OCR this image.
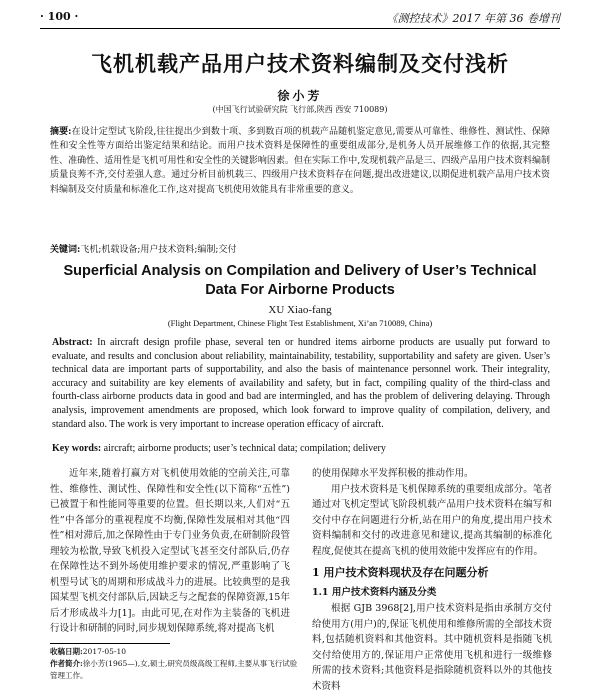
· 100 ·	《测控技术》2017 年第 36 卷增刊
飞机机载产品用户技术资料编制及交付浅析
徐小芳
(中国飞行试验研究院 飞行部,陕西 西安 710089)
摘要:在设计定型试飞阶段,往往提出少到数十项、多到数百项的机载产品随机鉴定意见,需要从可靠性、维修性、测试性、保障性和安全性等方面给出鉴定结果和结论。而用户技术资料是保障性的重要组成部分,是机务人员开展维修工作的依据,其完整性、准确性、适用性是飞机可用性和安全性的关键影响因素。但在实际工作中,发现机载产品是三、四级产品用户技术资料编制质量良莠不齐,交付差强人意。通过分析目前机载三、四级用户技术资料存在问题,提出改进建议,以期促进机载产品用户技术资料编制及交付质量和标准化工作,这对提高飞机使用效能具有非常重要的意义。
关键词:飞机;机载设备;用户技术资料;编制;交付
Superficial Analysis on Compilation and Delivery of User’s Technical Data For Airborne Products
XU Xiao-fang
(Flight Department, Chinese Flight Test Establishment, Xi’an 710089, China)
Abstract: In aircraft design profile phase, several ten or hundred items airborne products are usually put forward to evaluate, and results and conclusion about reliability, maintainability, testability, supportability and safety are given. User’s technical data are important parts of supportability, and also the basis of maintenance personnel work. Their integrality, accuracy and suitability are key elements of availability and safety, but in fact, compiling quality of the third-class and fourth-class airborne products data in good and bad are intermingled, and has the problem of delivering delaying. Through analysis, improvement amendments are proposed, which look forward to improve quality of compilation, delivery, and standard also. The work is very important to increase operation efficacy of aircraft.
Key words: aircraft; airborne products; user’s technical data; compilation; delivery

近年来,随着打赢方对飞机使用效能的空前关注,可靠性、维修性、测试性、保障性和安全性(以下简称“五性”)已被置于和性能同等重要的位置。但长期以来,人们对“五性”中各部分的重视程度不均衡,保障性发展相对其他“四性”相对滞后,加之保障性由于专门业务负责,在研制阶段管理较为松散,导致飞机投入定型试飞甚至交付部队后,仍存在保障性达不到外场使用维护要求的情况,严重影响了飞机型号试飞的周期和形成战斗力的进展。比较典型的是我国某型飞机交付部队后,因缺乏与之配套的保障资源,15年后才形成战斗力[1]。由此可见,在对作为主装备的飞机进行设计和研制的同时,同步规划保障系统,将对提高飞机

的使用保障水平发挥积极的推动作用。

用户技术资料是飞机保障系统的重要组成部分。笔者通过对飞机定型试飞阶段机载产品用户技术资料在编写和交付中存在问题进行分析,站在用户的角度,提出用户技术资料编制和交付的改进意见和建议,提高其编制的标准化程度,促使其在提高飞机的使用效能中发挥应有的作用。

1 用户技术资料现状及存在问题分析
1.1 用户技术资料内涵及分类

根据 GJB 3968[2],用户技术资料是指由承制方交付给使用方(用户)的,保证飞机使用和维修所需的全部技术资料,包括随机资料和其他资料。其中随机资料是指随飞机交付给使用方的,保证用户正常使用飞机和进行一级维修所需的技术资料;其他资料是指除随机资料以外的其他技术资料

收稿日期:2017-05-10
作者简介:徐小芳(1965—),女,硕士,研究员级高级工程师,主要从事飞行试验管理工作。
